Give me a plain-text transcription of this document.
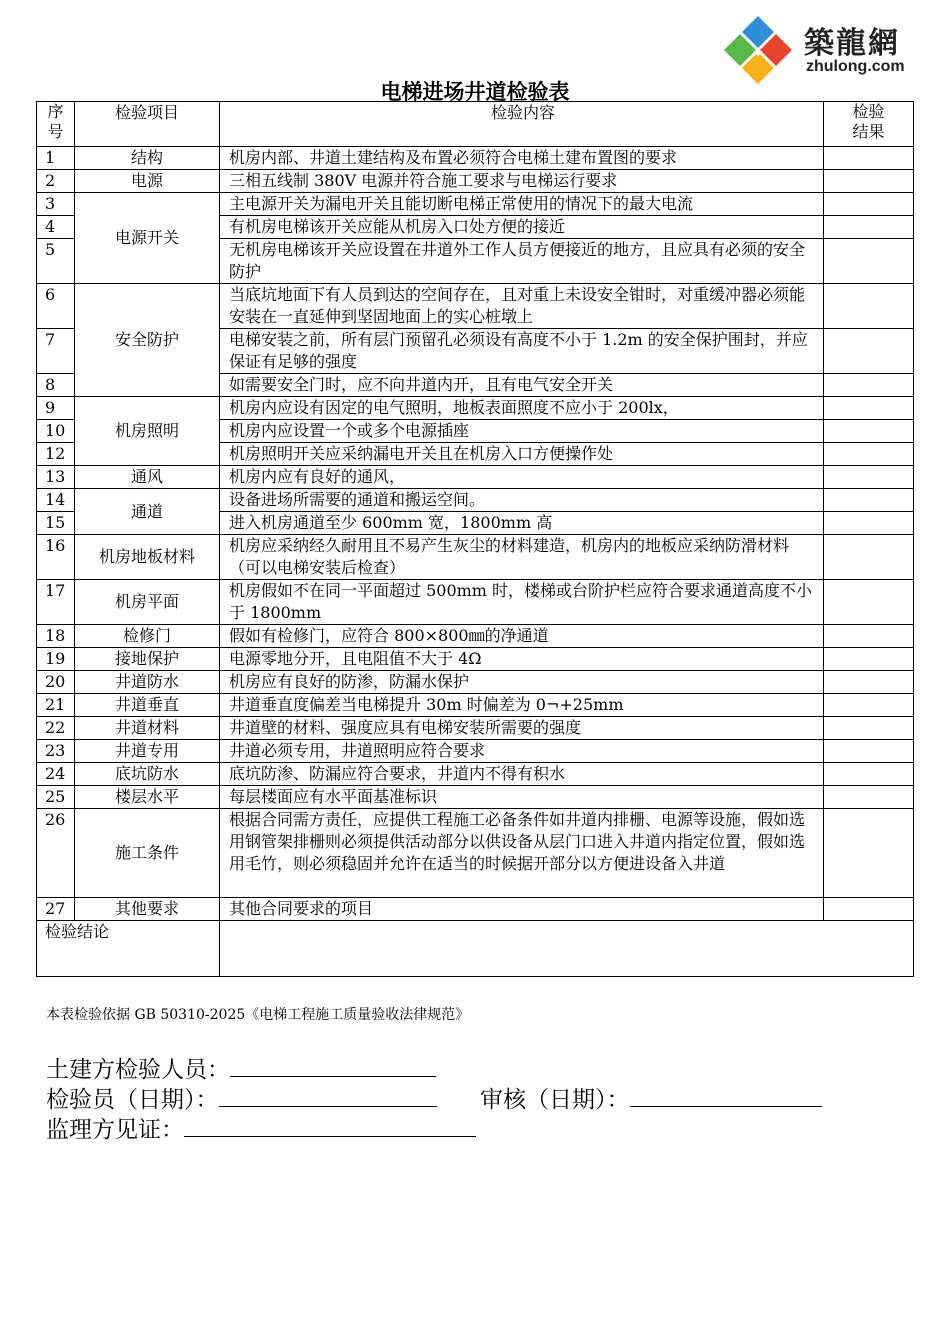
築龍網
zhulong.com
电梯进场井道检验表
序号	检验项目	检验内容	检验结果
1	结构	机房内部、井道土建结构及布置必须符合电梯土建布置图的要求	
2	电源	三相五线制 380V 电源并符合施工要求与电梯运行要求	
3	电源开关	主电源开关为漏电开关且能切断电梯正常使用的情况下的最大电流	
4		有机房电梯该开关应能从机房入口处方便的接近	
5		无机房电梯该开关应设置在井道外工作人员方便接近的地方，且应具有必须的安全防护	
6	安全防护	当底坑地面下有人员到达的空间存在，且对重上未设安全钳时，对重缓冲器必须能安装在一直延伸到坚固地面上的实心桩墩上	
7		电梯安装之前，所有层门预留孔必须设有高度不小于 1.2m 的安全保护围封，并应保证有足够的强度	
8		如需要安全门时，应不向井道内开，且有电气安全开关	
9	机房照明	机房内应设有因定的电气照明，地板表面照度不应小于 200lx，	
10		机房内应设置一个或多个电源插座	
12		机房照明开关应采纳漏电开关且在机房入口方便操作处	
13	通风	机房内应有良好的通风，	
14	通道	设备进场所需要的通道和搬运空间。	
15		进入机房通道至少 600mm 宽，1800mm 高	
16	机房地板材料	机房应采纳经久耐用且不易产生灰尘的材料建造，机房内的地板应采纳防滑材料（可以电梯安装后检查）	
17	机房平面	机房假如不在同一平面超过 500mm 时，楼梯或台阶护栏应符合要求通道高度不小于 1800mm	
18	检修门	假如有检修门，应符合 800×800㎜的净通道	
19	接地保护	电源零地分开，且电阻值不大于 4Ω	
20	井道防水	机房应有良好的防渗，防漏水保护	
21	井道垂直	井道垂直度偏差当电梯提升 30m 时偏差为 0¬+25mm	
22	井道材料	井道壁的材料、强度应具有电梯安装所需要的强度	
23	井道专用	井道必须专用，井道照明应符合要求	
24	底坑防水	底坑防渗、防漏应符合要求，井道内不得有积水	
25	楼层水平	每层楼面应有水平面基准标识	
26	施工条件	根据合同需方责任，应提供工程施工必备条件如井道内排栅、电源等设施，假如选用钢管架排栅则必须提供活动部分以供设备从层门口进入井道内指定位置，假如选用毛竹，则必须稳固并允许在适当的时候据开部分以方便进设备入井道	
27	其他要求	其他合同要求的项目	
检验结论			
本表检验依据 GB 50310-2025《电梯工程施工质量验收法律规范》
土建方检验人员：
检验员（日期）：	审核（日期）：
监理方见证：
